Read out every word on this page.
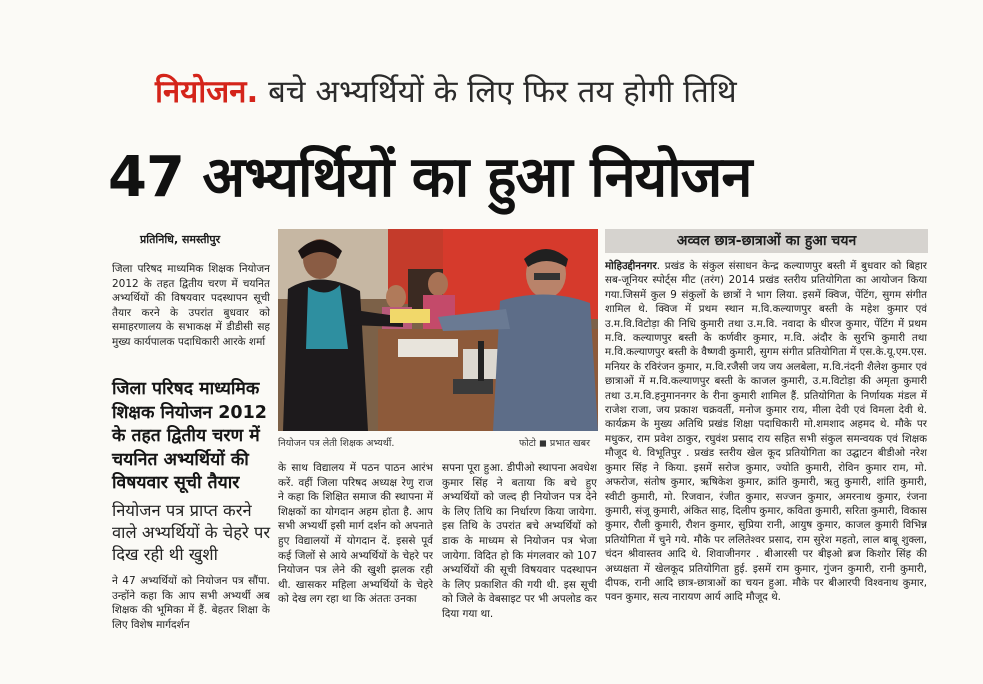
नियोजन. बचे अभ्यर्थियों के लिए फिर तय होगी तिथि
47 अभ्यर्थियों का हुआ नियोजन
प्रतिनिधि, समस्तीपुर
जिला परिषद माध्यमिक शिक्षक नियोजन 2012 के तहत द्वितीय चरण में चयनित अभ्यर्थियों की विषयवार पदस्थापन सूची तैयार करने के उपरांत बुधवार को समाहरणालय के सभाकक्ष में डीडीसी सह मुख्य कार्यपालक पदाधिकारी आरके शर्मा
जिला परिषद माध्यमिक शिक्षक नियोजन 2012 के तहत द्वितीय चरण में चयनित अभ्यर्थियों की विषयवार सूची तैयार
नियोजन पत्र प्राप्त करने वाले अभ्यर्थियों के चेहरे पर दिख रही थी खुशी
ने 47 अभ्यर्थियों को नियोजन पत्र सौंपा. उन्होंने कहा कि आप सभी अभ्यर्थी अब शिक्षक की भूमिका में हैं. बेहतर शिक्षा के लिए विशेष मार्गदर्शन
नियोजन पत्र लेती शिक्षक अभ्यर्थी.	फोटो ◼ प्रभात खबर
के साथ विद्यालय में पठन पाठन आरंभ करें. वहीं जिला परिषद अध्यक्ष रेणु राज ने कहा कि शिक्षित समाज की स्थापना में शिक्षकों का योगदान अहम होता है. आप सभी अभ्यर्थी इसी मार्ग दर्शन को अपनाते हुए विद्यालयों में योगदान दें. इससे पूर्व कई जिलों से आये अभ्यर्थियों के चेहरे पर नियोजन पत्र लेने की खुशी झलक रही थी. खासकर महिला अभ्यर्थियों के चेहरे को देख लग रहा था कि अंततः उनका
सपना पूरा हुआ. डीपीओ स्थापना अवधेश कुमार सिंह ने बताया कि बचे हुए अभ्यर्थियों को जल्द ही नियोजन पत्र देने के लिए तिथि का निर्धारण किया जायेगा. इस तिथि के उपरांत बचे अभ्यर्थियों को डाक के माध्यम से नियोजन पत्र भेजा जायेगा. विदित हो कि मंगलवार को 107 अभ्यर्थियों की सूची विषयवार पदस्थापन के लिए प्रकाशित की गयी थी. इस सूची को जिले के वेबसाइट पर भी अपलोड कर दिया गया था.
अव्वल छात्र-छात्राओं का हुआ चयन
मोहिउद्दीननगर. प्रखंड के संकुल संसाधन केन्द्र कल्याणपुर बस्ती में बुधवार को बिहार सब-जूनियर स्पोर्ट्स मीट (तरंग) 2014 प्रखंड स्तरीय प्रतियोगिता का आयोजन किया गया.जिसमें कुल 9 संकुलों के छात्रों ने भाग लिया. इसमें क्विज, पेंटिंग, सुगम संगीत शामिल थे. क्विज में प्रथम स्थान म.वि.कल्याणपुर बस्ती के महेश कुमार एवं उ.म.वि.विटोड़ा की निधि कुमारी तथा उ.म.वि. नवादा के धीरज कुमार, पेंटिंग में प्रथम म.वि. कल्याणपुर बस्ती के कर्णवीर कुमार, म.वि. अंदौर के सुरभि कुमारी तथा म.वि.कल्याणपुर बस्ती के वैष्णवी कुमारी, सुगम संगीत प्रतियोगिता में एस.के.यू.एम.एस. मनियर के रविरंजन कुमार, म.वि.रजैसी जय जय अलबेला, म.वि.नंदनी शैलेश कुमार एवं छात्राओं में म.वि.कल्याणपुर बस्ती के काजल कुमारी, उ.म.विटोड़ा की अमृता कुमारी तथा उ.म.वि.हनुमाननगर के रीना कुमारी शामिल हैं. प्रतियोगिता के निर्णायक मंडल में राजेश राजा, जय प्रकाश चक्रवर्ती, मनोज कुमार राय, मीला देवी एवं विमला देवी थे. कार्यक्रम के मुख्य अतिथि प्रखंड शिक्षा पदाधिकारी मो.शमशाद अहमद थे. मौके पर मधुकर, राम प्रवेश ठाकुर, रघुवंश प्रसाद राय सहित सभी संकुल समन्वयक एवं शिक्षक मौजूद थे. विभूतिपुर . प्रखंड स्तरीय खेल कूद प्रतियोगिता का उद्घाटन बीडीओ नरेश कुमार सिंह ने किया. इसमें सरोज कुमार, ज्योति कुमारी, रोविन कुमार राम, मो. अफरोज, संतोष कुमार, ऋषिकेश कुमार, क्रांति कुमारी, ऋतु कुमारी, शांति कुमारी, स्वीटी कुमारी, मो. रिजवान, रंजीत कुमार, सज्जन कुमार, अमरनाथ कुमार, रंजना कुमारी, संजू कुमारी, अंकित साह, दिलीप कुमार, कविता कुमारी, सरिता कुमारी, विकास कुमार, रौली कुमारी, रौशन कुमार, सुप्रिया रानी, आयुष कुमार, काजल कुमारी विभिन्न प्रतियोगिता में चुने गये. मौके पर ललितेश्वर प्रसाद, राम सुरेश महतो, लाल बाबू शुक्ला, चंदन श्रीवास्तव आदि थे. शिवाजीनगर . बीआरसी पर बीइओ ब्रज किशोर सिंह की अध्यक्षता में खेलकूद प्रतियोगिता हुई. इसमें राम कुमार, गुंजन कुमारी, रानी कुमारी, दीपक, रानी आदि छात्र-छात्राओं का चयन हुआ. मौके पर बीआरपी विश्वनाथ कुमार, पवन कुमार, सत्य नारायण आर्य आदि मौजूद थे.
